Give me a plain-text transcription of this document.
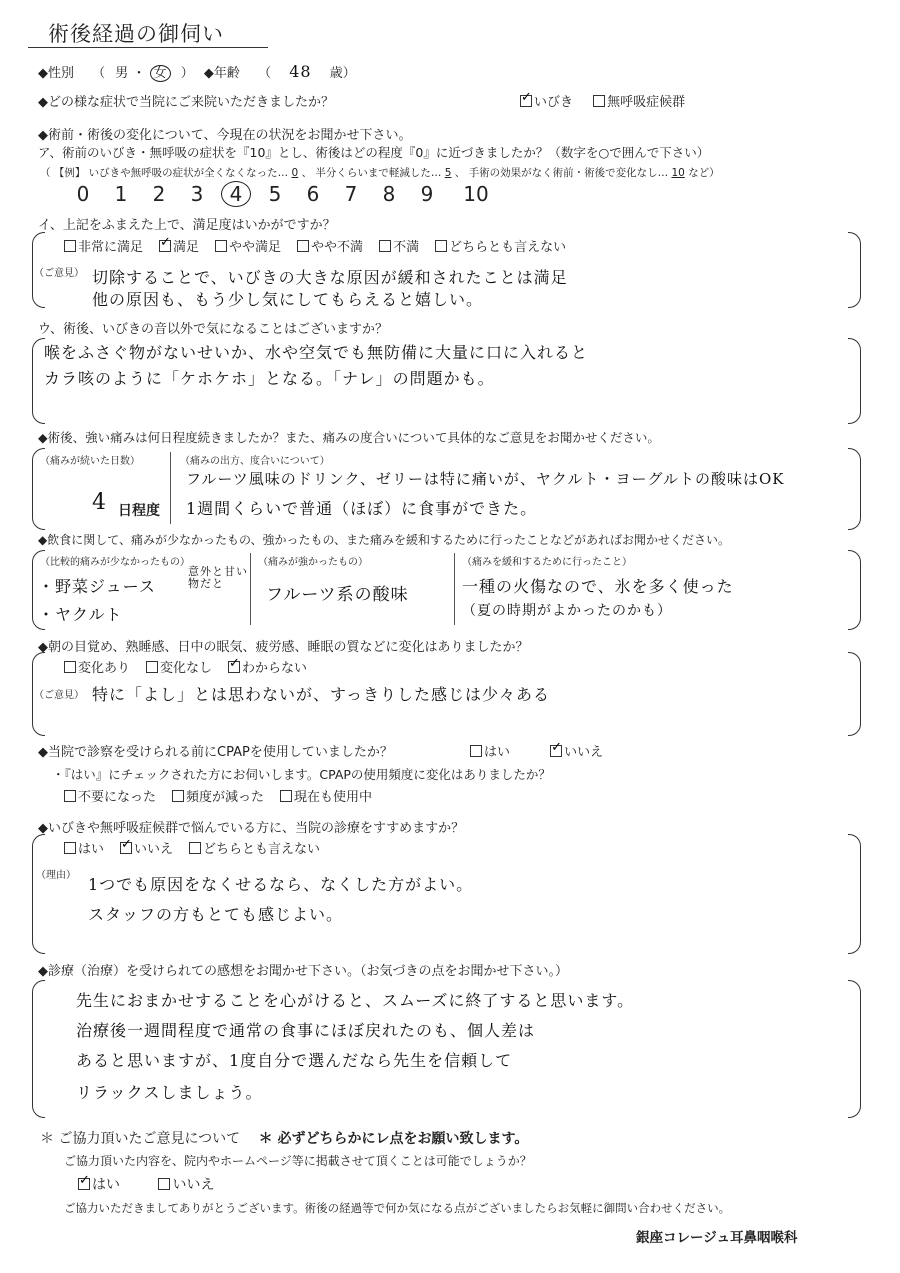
術後経過の御伺い
◆性別 （ 男 ・ 女 ） ◆年齢 （ 48 歳）
◆どの様な症状で当院にご来院いただきましたか？ ✓	いびき	無呼吸症候群
◆術前・術後の変化について、今現在の状況をお聞かせ下さい。
ア、術前のいびき・無呼吸の症状を『10』とし、術後はどの程度『0』に近づきましたか？（数字を○で囲んで下さい）
（ 【例】 いびきや無呼吸の症状が全くなくなった… 0 、 半分くらいまで軽減した… 5 、 手術の効果がなく術前・術後で変化なし… 10 など）
0 1 2 3 4 5 6 7 8 9 10
イ、上記をふまえた上で、満足度はいかがですか？
非常に満足 ✓ 満足 やや満足 やや不満 不満 どちらとも言えない
（ご意見） 切除することで、いびきの大きな原因が緩和されたことは満足
他の原因も、もう少し気にしてもらえると嬉しい。
ウ、術後、いびきの音以外で気になることはございますか？
喉をふさぐ物がないせいか、水や空気でも無防備に大量に口に入れると
カラ咳のように「ケホケホ」となる。「ナレ」の問題かも。
◆術後、強い痛みは何日程度続きましたか？また、痛みの度合いについて具体的なご意見をお聞かせください。
（痛みが続いた日数）
4 日程度
（痛みの出方、度合いについて）
フルーツ風味のドリンク、ゼリーは特に痛いが、ヤクルト・ヨーグルトの酸味はOK
1週間くらいで普通（ほぼ）に食事ができた。
◆飲食に関して、痛みが少なかったもの、強かったもの、また痛みを緩和するために行ったことなどがあればお聞かせください。
（比較的痛みが少なかったもの）
・野菜ジュース
意外と甘い物だと
・ヤクルト
（痛みが強かったもの）
フルーツ系の酸味
（痛みを緩和するために行ったこと）
一種の火傷なので、氷を多く使った
（夏の時期がよかったのかも）
◆朝の目覚め、熟睡感、日中の眠気、疲労感、睡眠の質などに変化はありましたか？
変化あり 変化なし ✓ わからない
（ご意見） 特に「よし」とは思わないが、すっきりした感じは少々ある
◆当院で診察を受けられる前にCPAPを使用していましたか？	はい ✓	いいえ
・『はい』にチェックされた方にお伺いします。CPAPの使用頻度に変化はありましたか？
不要になった 頻度が減った 現在も使用中
◆いびきや無呼吸症候群で悩んでいる方に、当院の診療をすすめますか？
はい ✓ いいえ どちらとも言えない
（理由） 1つでも原因をなくせるなら、なくした方がよい。
スタッフの方もとても感じよい。
◆診療（治療）を受けられての感想をお聞かせ下さい。（お気づきの点をお聞かせ下さい。）
先生におまかせすることを心がけると、スムーズに終了すると思います。
治療後一週間程度で通常の食事にほぼ戻れたのも、個人差は
あると思いますが、1度自分で選んだなら先生を信頼して
リラックスしましょう。
＊ ご協力頂いたご意見について ＊ 必ずどちらかにレ点をお願い致します。
ご協力頂いた内容を、院内やホームページ等に掲載させて頂くことは可能でしょうか？
✓はい	いいえ
ご協力いただきましてありがとうございます。術後の経過等で何か気になる点がございましたらお気軽に御問い合わせください。
銀座コレージュ耳鼻咽喉科
